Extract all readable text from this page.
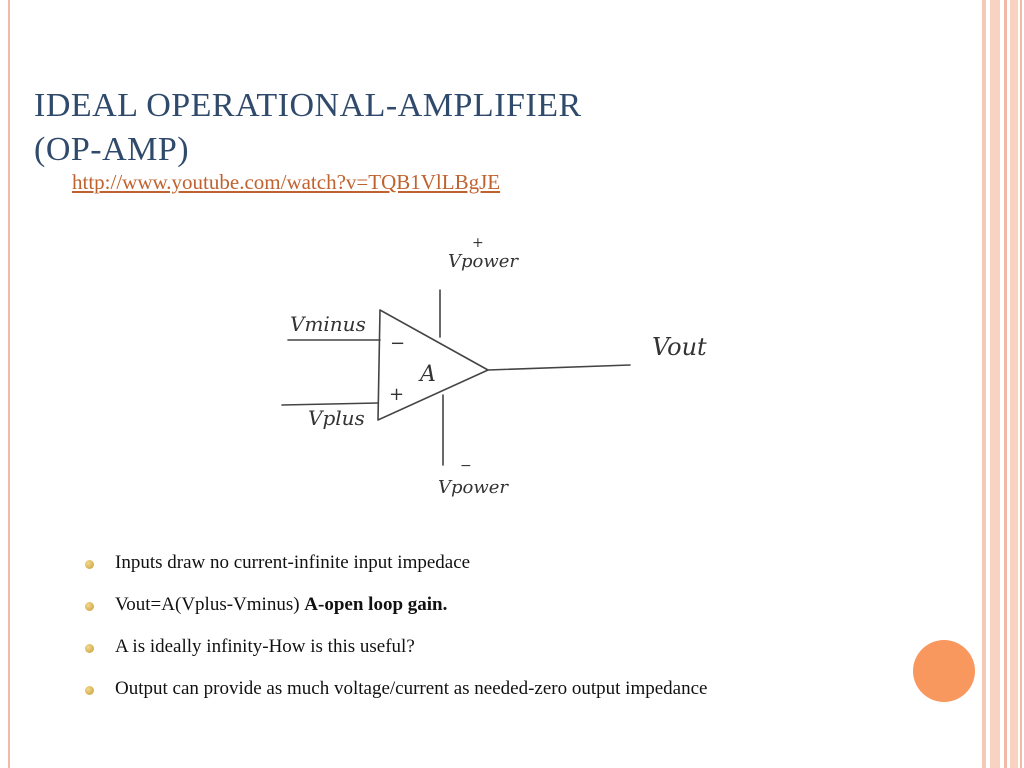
IDEAL OPERATIONAL-AMPLIFIER
(OP-AMP)
http://www.youtube.com/watch?v=TQB1VlLBgJE
Vminus
Vplus
Vout
Vpower
Vpower
A
−
+
+
−
Inputs draw no current-infinite input impedace
Vout=A(Vplus-Vminus) A-open loop gain.
A is ideally infinity-How is this useful?
Output can provide as much voltage/current as needed-zero output impedance
